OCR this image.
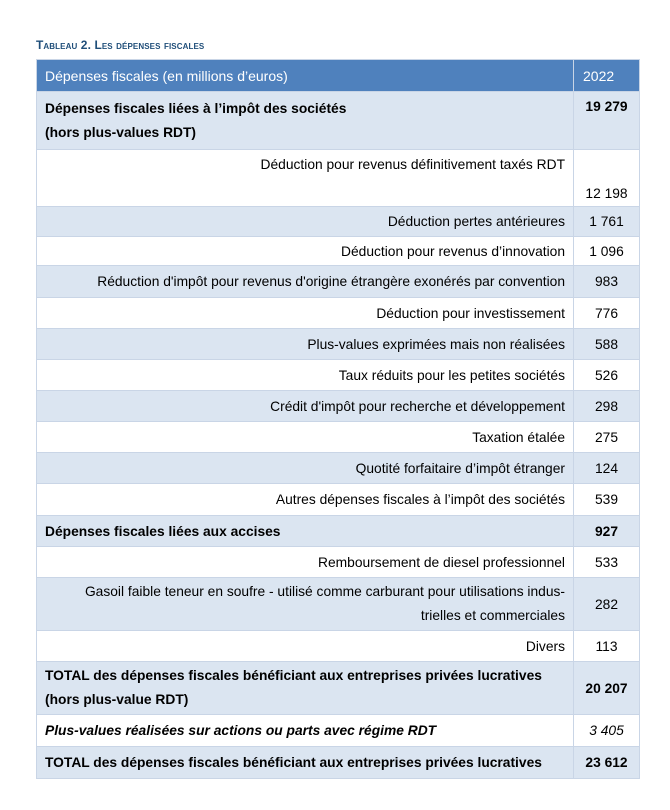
Tableau 2. Les dépenses fiscales
Dépenses fiscales (en millions d’euros)	2022

Dépenses fiscales liées à l’impôt des sociétés
(hors plus-values RDT)	19 279
Déduction pour revenus définitivement taxés RDT	12 198
Déduction pertes antérieures	1 761
Déduction pour revenus d’innovation	1 096
Réduction d'impôt pour revenus d'origine étrangère exonérés par convention	983
Déduction pour investissement	776
Plus-values exprimées mais non réalisées	588
Taux réduits pour les petites sociétés	526
Crédit d'impôt pour recherche et développement	298
Taxation étalée	275
Quotité forfaitaire d’impôt étranger	124
Autres dépenses fiscales à l’impôt des sociétés	539
Dépenses fiscales liées aux accises	927
Remboursement de diesel professionnel	533

Gasoil faible teneur en soufre - utilisé comme carburant pour utilisations indus-
trielles et commerciales	282
Divers	113

TOTAL des dépenses fiscales bénéficiant aux entreprises privées lucratives
(hors plus-value RDT)	20 207
Plus-values réalisées sur actions ou parts avec régime RDT	3 405
TOTAL des dépenses fiscales bénéficiant aux entreprises privées lucratives	23 612
